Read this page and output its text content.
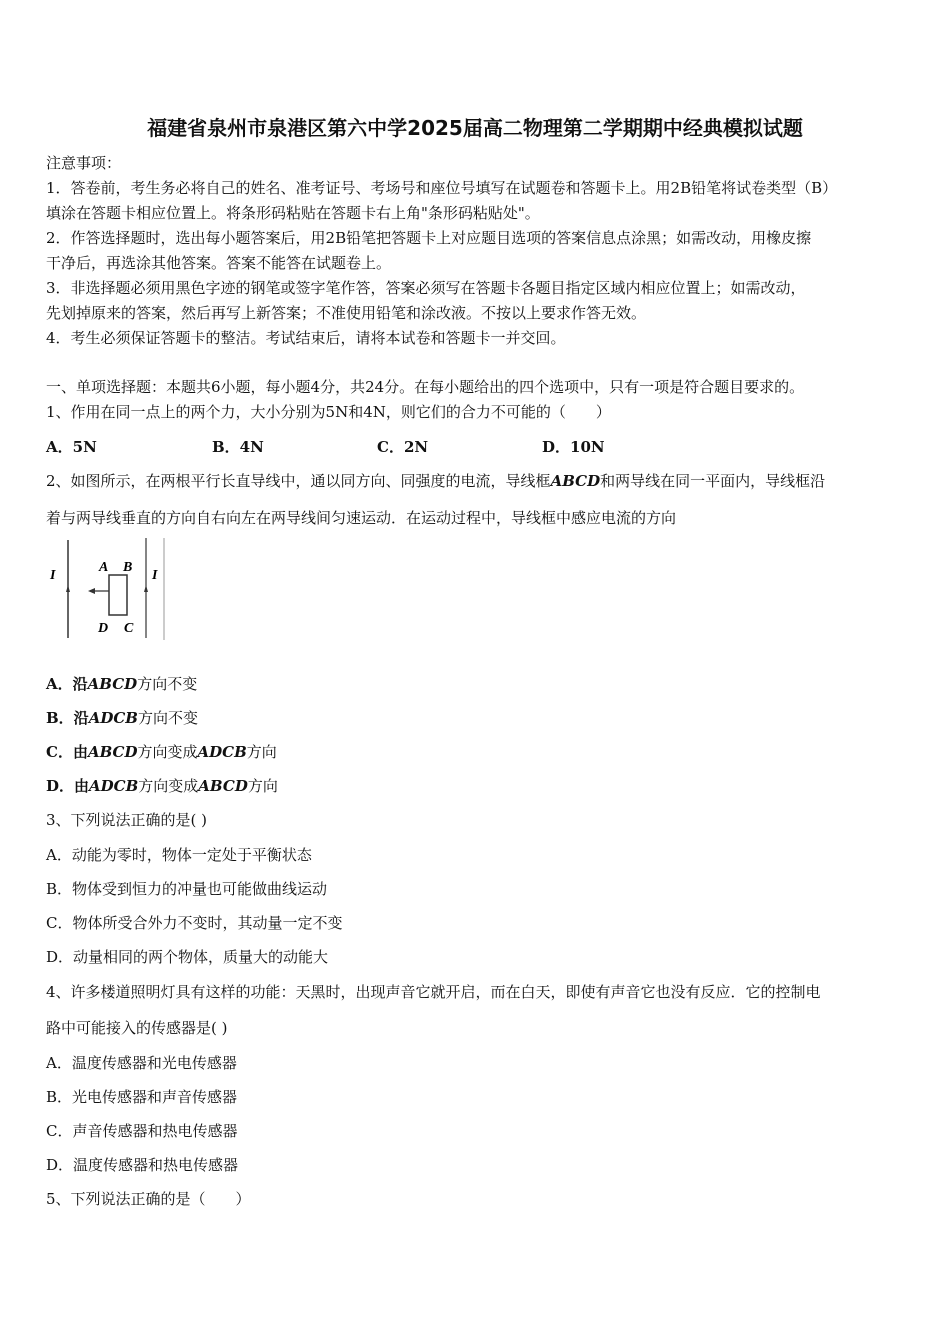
福建省泉州市泉港区第六中学2025届高二物理第二学期期中经典模拟试题
注意事项：
1．答卷前，考生务必将自己的姓名、准考证号、考场号和座位号填写在试题卷和答题卡上。用2B铅笔将试卷类型（B）
填涂在答题卡相应位置上。将条形码粘贴在答题卡右上角"条形码粘贴处"。
2．作答选择题时，选出每小题答案后，用2B铅笔把答题卡上对应题目选项的答案信息点涂黑；如需改动，用橡皮擦
干净后，再选涂其他答案。答案不能答在试题卷上。
3．非选择题必须用黑色字迹的钢笔或签字笔作答，答案必须写在答题卡各题目指定区域内相应位置上；如需改动，
先划掉原来的答案，然后再写上新答案；不准使用铅笔和涂改液。不按以上要求作答无效。
4．考生必须保证答题卡的整洁。考试结束后，请将本试卷和答题卡一并交回。
一、单项选择题：本题共6小题，每小题4分，共24分。在每小题给出的四个选项中，只有一项是符合题目要求的。
1、作用在同一点上的两个力，大小分别为5N和4N，则它们的合力不可能的（　　）
A．5N	B．4N	C．2N	D．10N
2、如图所示，在两根平行长直导线中，通以同方向、同强度的电流，导线框ABCD和两导线在同一平面内，导线框沿
着与两导线垂直的方向自右向左在两导线间匀速运动．在运动过程中，导线框中感应电流的方向
I	I
A B
D C
A．沿ABCD方向不变
B．沿ADCB方向不变
C．由ABCD方向变成ADCB方向
D．由ADCB方向变成ABCD方向
3、下列说法正确的是( )
A．动能为零时，物体一定处于平衡状态
B．物体受到恒力的冲量也可能做曲线运动
C．物体所受合外力不变时，其动量一定不变
D．动量相同的两个物体，质量大的动能大
4、许多楼道照明灯具有这样的功能：天黑时，出现声音它就开启，而在白天，即使有声音它也没有反应．它的控制电
路中可能接入的传感器是( )
A．温度传感器和光电传感器
B．光电传感器和声音传感器
C．声音传感器和热电传感器
D．温度传感器和热电传感器
5、下列说法正确的是（　　）
